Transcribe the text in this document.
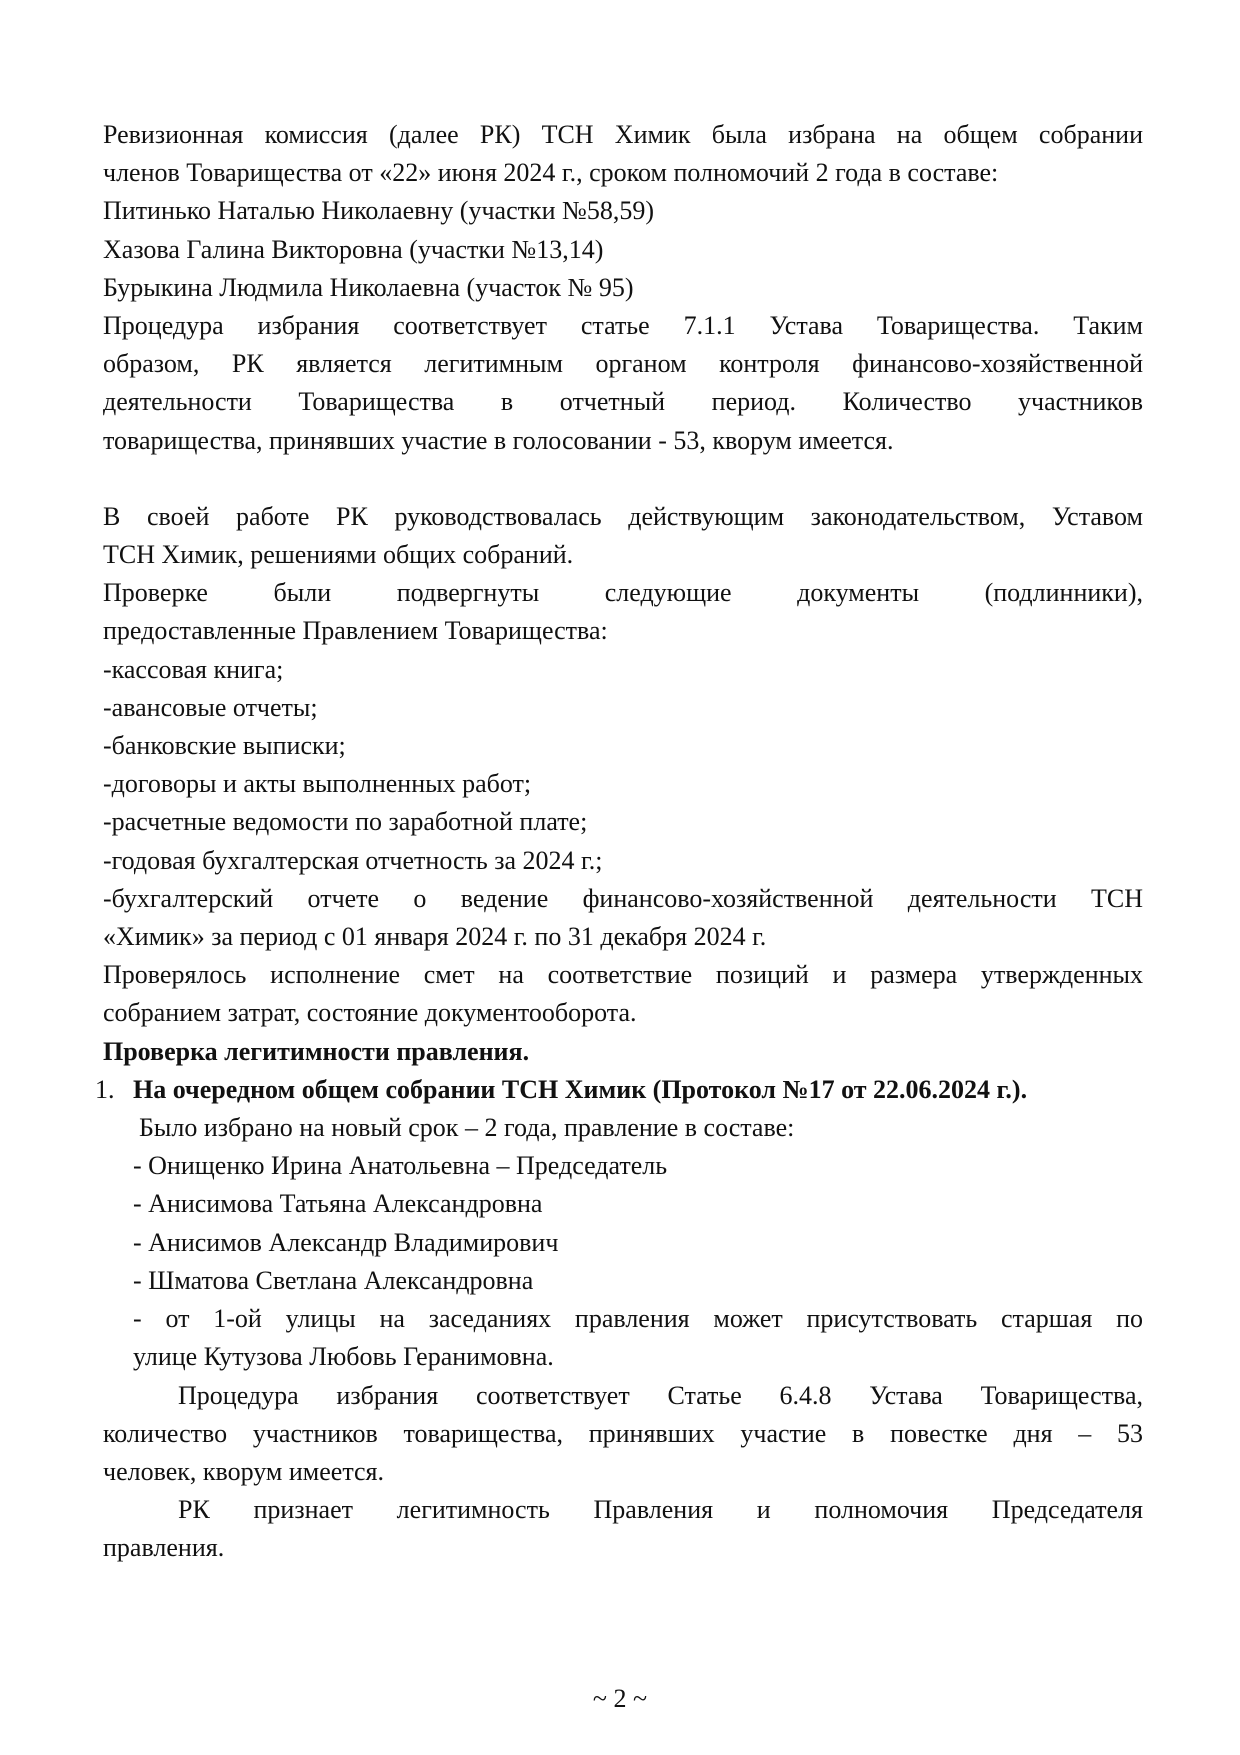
Ревизионная комиссия (далее РК) ТСН Химик была избрана на общем собрании

членов Товарищества от «22» июня 2024 г., сроком полномочий 2 года в составе:

Питинько Наталью Николаевну (участки №58,59)

Хазова Галина Викторовна (участки №13,14)

Бурыкина Людмила Николаевна (участок № 95)

Процедура избрания соответствует статье 7.1.1 Устава Товарищества. Таким

образом, РК является легитимным органом контроля финансово-хозяйственной

деятельности Товарищества в отчетный период. Количество участников

товарищества, принявших участие в голосовании - 53, кворум имеется.

В своей работе РК руководствовалась действующим законодательством, Уставом

ТСН Химик, решениями общих собраний.

Проверке были подвергнуты следующие документы (подлинники),

предоставленные Правлением Товарищества:

-кассовая книга;

-авансовые отчеты;

-банковские выписки;

-договоры и акты выполненных работ;

-расчетные ведомости по заработной плате;

-годовая бухгалтерская отчетность за 2024 г.;

-бухгалтерский отчете о ведение финансово-хозяйственной деятельности ТСН

«Химик» за период с 01 января 2024 г. по 31 декабря 2024 г.

Проверялось исполнение смет на соответствие позиций и размера утвержденных

собранием затрат, состояние документооборота.

Проверка легитимности правления.

1. На очередном общем собрании ТСН Химик (Протокол №17 от 22.06.2024 г.).

Было избрано на новый срок – 2 года, правление в составе:

- Онищенко Ирина Анатольевна – Председатель

- Анисимова Татьяна Александровна

- Анисимов Александр Владимирович

- Шматова Светлана Александровна

- от 1-ой улицы на заседаниях правления может присутствовать старшая по

улице Кутузова Любовь Геранимовна.

Процедура избрания соответствует Статье 6.4.8 Устава Товарищества,

количество участников товарищества, принявших участие в повестке дня – 53

человек, кворум имеется.

РК признает легитимность Правления и полномочия Председателя

правления.

~ 2 ~
